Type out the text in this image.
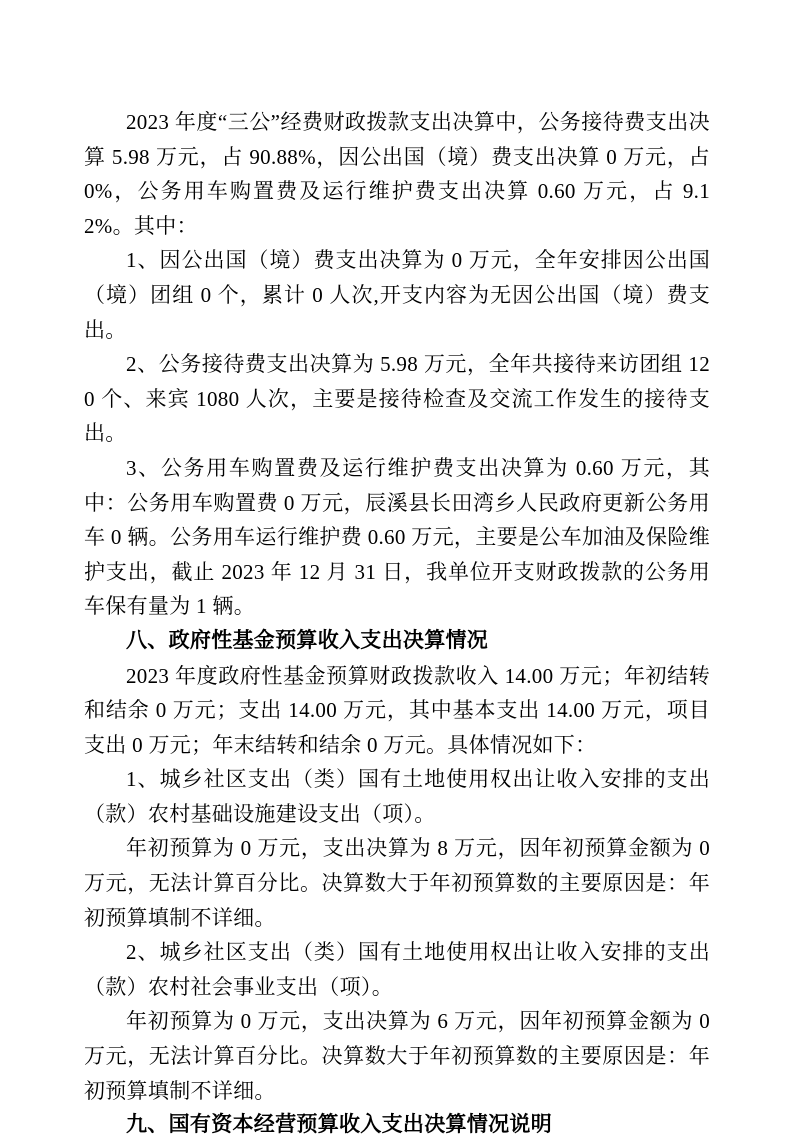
2023 年度“三公”经费财政拨款支出决算中，公务接待费支出决算 5.98 万元，占 90.88%，因公出国（境）费支出决算 0 万元，占 0%，公务用车购置费及运行维护费支出决算 0.60 万元，占 9.12%。其中：

1、因公出国（境）费支出决算为 0 万元，全年安排因公出国（境）团组 0 个，累计 0 人次,开支内容为无因公出国（境）费支出。

2、公务接待费支出决算为 5.98 万元，全年共接待来访团组 120 个、来宾 1080 人次，主要是接待检查及交流工作发生的接待支出。

3、公务用车购置费及运行维护费支出决算为 0.60 万元，其中：公务用车购置费 0 万元，辰溪县长田湾乡人民政府更新公务用车 0 辆。公务用车运行维护费 0.60 万元，主要是公车加油及保险维护支出，截止 2023 年 12 月 31 日，我单位开支财政拨款的公务用车保有量为 1 辆。

八、政府性基金预算收入支出决算情况

2023 年度政府性基金预算财政拨款收入 14.00 万元；年初结转和结余 0 万元；支出 14.00 万元，其中基本支出 14.00 万元，项目支出 0 万元；年末结转和结余 0 万元。具体情况如下：

1、城乡社区支出（类）国有土地使用权出让收入安排的支出（款）农村基础设施建设支出（项）。

年初预算为 0 万元，支出决算为 8 万元，因年初预算金额为 0 万元，无法计算百分比。决算数大于年初预算数的主要原因是：年初预算填制不详细。

2、城乡社区支出（类）国有土地使用权出让收入安排的支出（款）农村社会事业支出（项）。

年初预算为 0 万元，支出决算为 6 万元，因年初预算金额为 0 万元，无法计算百分比。决算数大于年初预算数的主要原因是：年初预算填制不详细。

九、国有资本经营预算收入支出决算情况说明
